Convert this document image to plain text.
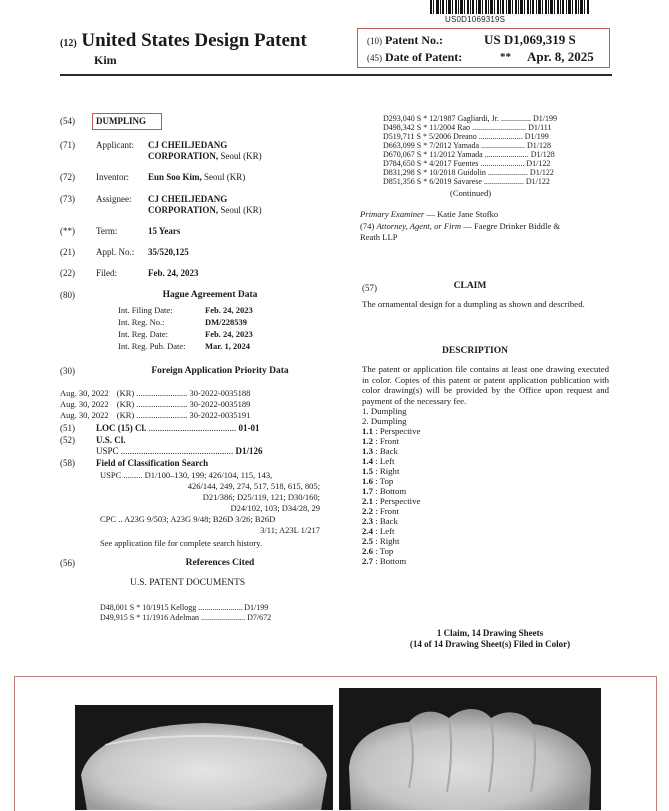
US0D1069319S
(12) United States Design Patent
Kim
(10) Patent No.:	US D1,069,319 S
(45) Date of Patent:	** Apr. 8, 2025
(54) DUMPLING
(71) Applicant: CJ CHEILJEDANG
CORPORATION, Seoul (KR)
(72) Inventor: Eun Soo Kim, Seoul (KR)
(73) Assignee: CJ CHEILJEDANG
CORPORATION, Seoul (KR)
(**) Term:	15 Years
(21) Appl. No.: 35/520,125
(22) Filed:	Feb. 24, 2023
(80)	Hague Agreement Data
Int. Filing Date:	Feb. 24, 2023
Int. Reg. No.:	DM/228539
Int. Reg. Date:	Feb. 24, 2023
Int. Reg. Pub. Date: Mar. 1, 2024
(30)	Foreign Application Priority Data
Aug. 30, 2022 (KR) ........................ 30-2022-0035188
Aug. 30, 2022 (KR) ........................ 30-2022-0035189
Aug. 30, 2022 (KR) ........................ 30-2022-0035191
(51) LOC (15) Cl. ....................................... 01-01
(52) U.S. Cl.
USPC .................................................. D1/126
(58) Field of Classification Search
USPC ......... D1/100–130, 199; 426/104, 115, 143,
426/144, 249, 274, 517, 518, 615, 805;
D21/386; D25/119, 121; D30/160;
D24/102, 103; D34/28, 29
CPC .. A23G 9/503; A23G 9/48; B26D 3/26; B26D
3/11; A23L 1/217
See application file for complete search history.
(56)	References Cited
U.S. PATENT DOCUMENTS
D48,001 S * 10/1915 Kellogg ...................... D1/199
D49,915 S * 11/1916 Adelman ...................... D7/672
D293,040 S * 12/1987 Gagliardi, Jr. ............... D1/199
D498,342 S * 11/2004 Rao ........................... D1/111
D519,711 S * 5/2006 Dreano ...................... D1/199
D663,099 S * 7/2012 Yamada ...................... D1/128
D670,067 S * 11/2012 Yamada ...................... D1/128
D784,650 S * 4/2017 Fuentes ...................... D1/122
D831,298 S * 10/2018 Guidolin .................... D1/122
D851,356 S * 6/2019 Savarese .................... D1/122
(Continued)
Primary Examiner — Katie Jane Stofko
(74) Attorney, Agent, or Firm — Faegre Drinker Biddle &
Reath LLP
(57)	CLAIM
The ornamental design for a dumpling as shown and described.
DESCRIPTION
The patent or application file contains at least one drawing executed in color. Copies of this patent or patent application publication with color drawing(s) will be provided by the Office upon request and payment of the necessary fee.
1. Dumpling
2. Dumpling
1.1 : Perspective
1.2 : Front
1.3 : Back
1.4 : Left
1.5 : Right
1.6 : Top
1.7 : Bottom
2.1 : Perspective
2.2 : Front
2.3 : Back
2.4 : Left
2.5 : Right
2.6 : Top
2.7 : Bottom
1 Claim, 14 Drawing Sheets
(14 of 14 Drawing Sheet(s) Filed in Color)
